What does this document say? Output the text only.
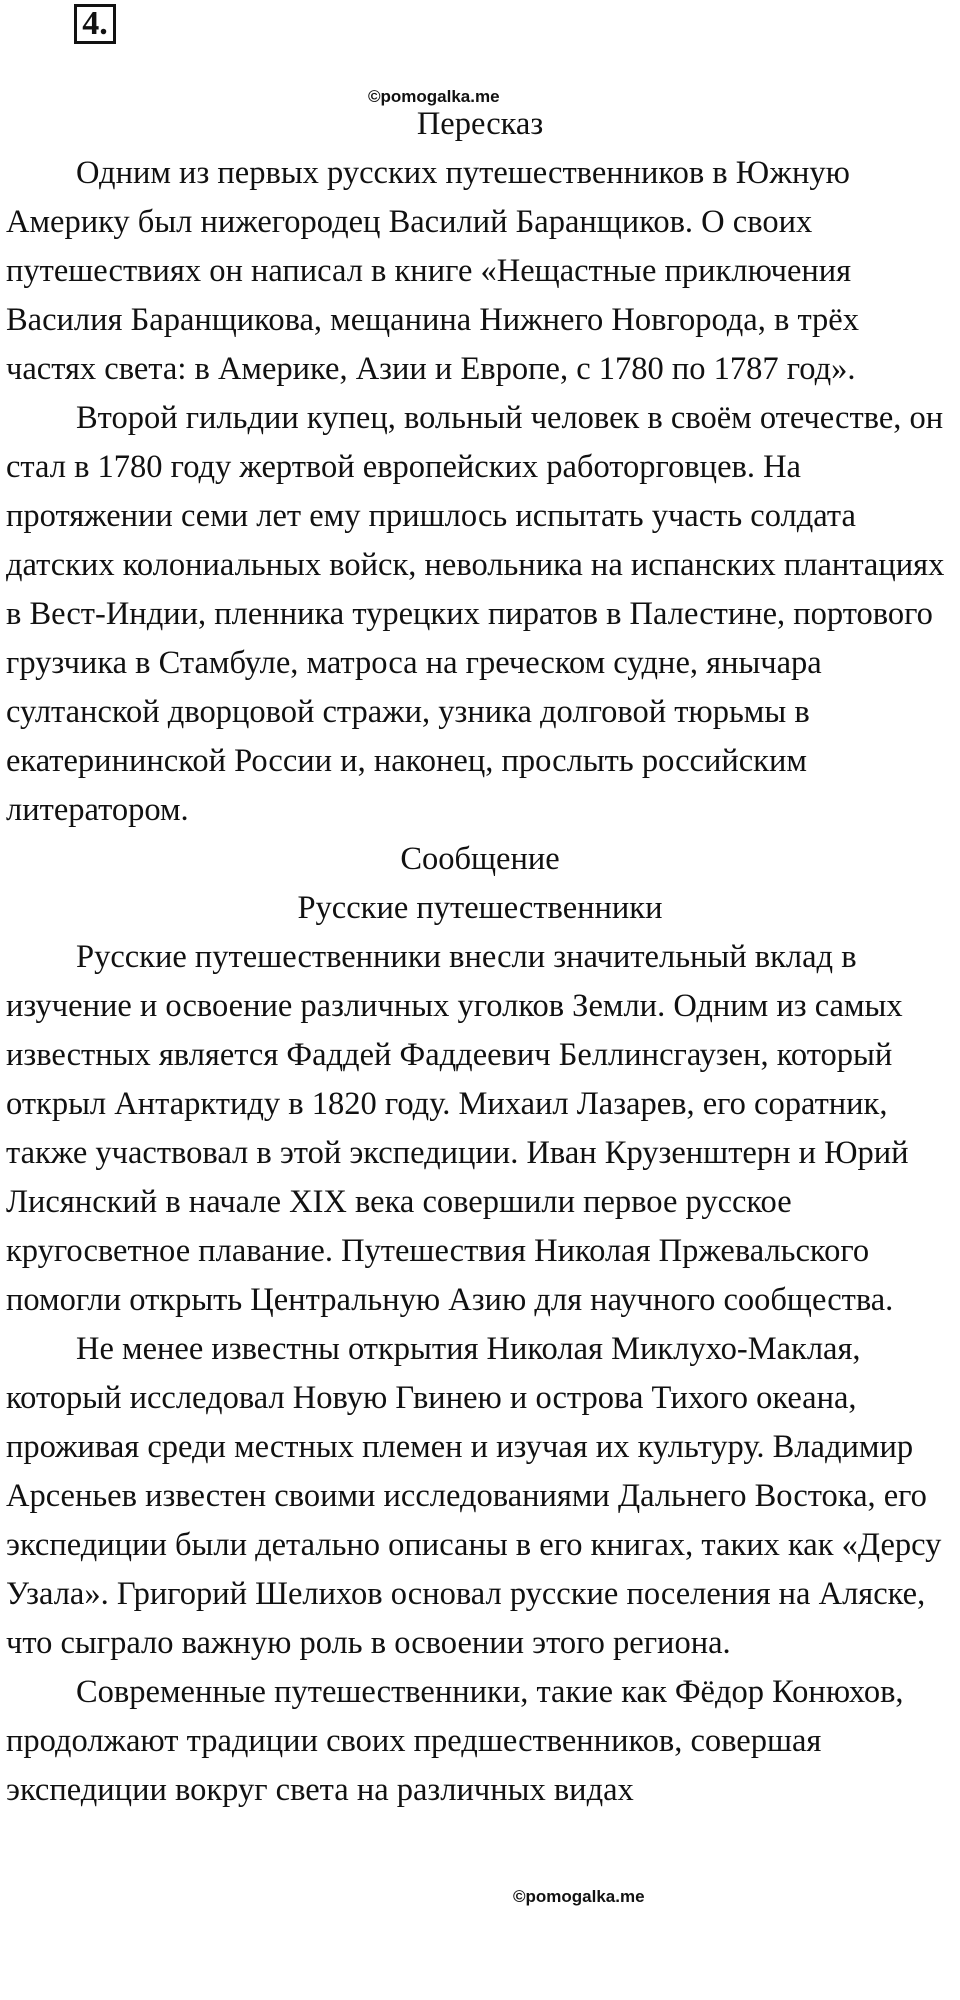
4.
©pomogalka.me
Пересказ

Одним из первых русских путешественников в Южную Америку был нижегородец Василий Баранщиков. О своих путешествиях он написал в книге «Нещастные приключения Василия Баранщикова, мещанина Нижнего Новгорода, в трёх частях света: в Америке, Азии и Европе, с 1780 по 1787 год».

Второй гильдии купец, вольный человек в своём отечестве, он стал в 1780 году жертвой европейских работорговцев. На протяжении семи лет ему пришлось испытать участь солдата датских колониальных войск, невольника на испанских плантациях в Вест-Индии, пленника турецких пиратов в Палестине, портового грузчика в Стамбуле, матроса на греческом судне, янычара султанской дворцовой стражи, узника долговой тюрьмы в екатерининской России и, наконец, прослыть российским литератором.

Сообщение
Русские путешественники

Русские путешественники внесли значительный вклад в изучение и освоение различных уголков Земли. Одним из самых известных является Фаддей Фаддеевич Беллинсгаузен, который открыл Антарктиду в 1820 году. Михаил Лазарев, его соратник, также участвовал в этой экспедиции. Иван Крузенштерн и Юрий Лисянский в начале XIX века совершили первое русское кругосветное плавание. Путешествия Николая Пржевальского помогли открыть Центральную Азию для научного сообщества.

Не менее известны открытия Николая Миклухо-Маклая, который исследовал Новую Гвинею и острова Тихого океана, проживая среди местных племен и изучая их культуру. Владимир Арсеньев известен своими исследованиями Дальнего Востока, его экспедиции были детально описаны в его книгах, таких как «Дерсу Узала». Григорий Шелихов основал русские поселения на Аляске, что сыграло важную роль в освоении этого региона.

Современные путешественники, такие как Фёдор Конюхов, продолжают традиции своих предшественников, совершая экспедиции вокруг света на различных видах

©pomogalka.me
